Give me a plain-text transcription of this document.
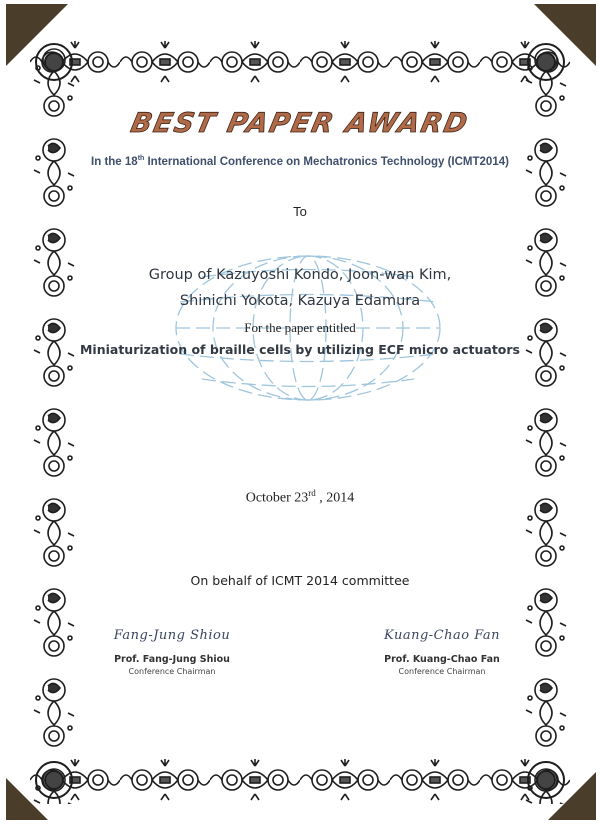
BEST PAPER AWARD
In the 18th International Conference on Mechatronics Technology (ICMT2014)
To
Group of Kazuyoshi Kondo, Joon-wan Kim,
Shinichi Yokota, Kazuya Edamura
For the paper entitled
Miniaturization of braille cells by utilizing ECF micro actuators
October 23rd , 2014
On behalf of ICMT 2014 committee
Fang-Jung Shiou
Prof. Fang-Jung Shiou
Conference Chairman
Kuang-Chao Fan
Prof. Kuang-Chao Fan
Conference Chairman
